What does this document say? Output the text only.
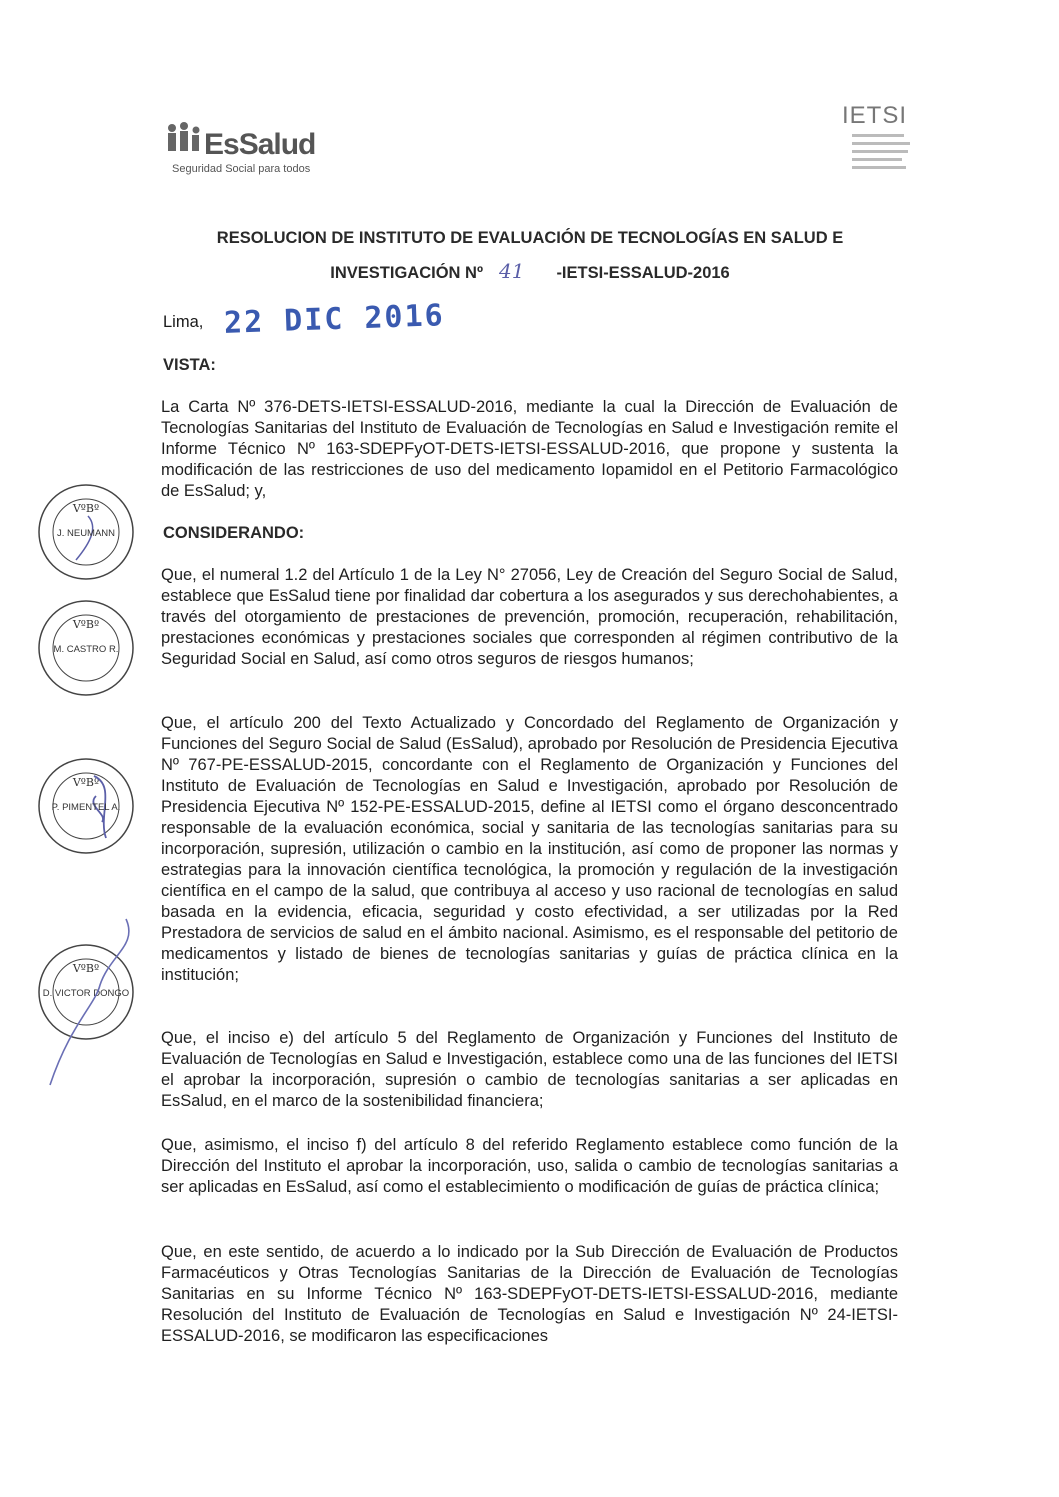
EsSalud
Seguridad Social para todos
IETSI
RESOLUCION DE INSTITUTO DE EVALUACIÓN DE TECNOLOGÍAS EN SALUD E
INVESTIGACIÓN Nº 41 -IETSI-ESSALUD-2016
Lima, 22 DIC 2016
VISTA:

La Carta Nº 376-DETS-IETSI-ESSALUD-2016, mediante la cual la Dirección de Evaluación de Tecnologías Sanitarias del Instituto de Evaluación de Tecnologías en Salud e Investigación remite el Informe Técnico Nº 163-SDEPFyOT-DETS-IETSI-ESSALUD-2016, que propone y sustenta la modificación de las restricciones de uso del medicamento Iopamidol en el Petitorio Farmacológico de EsSalud; y,

CONSIDERANDO:

Que, el numeral 1.2 del Artículo 1 de la Ley N° 27056, Ley de Creación del Seguro Social de Salud, establece que EsSalud tiene por finalidad dar cobertura a los asegurados y sus derechohabientes, a través del otorgamiento de prestaciones de prevención, promoción, recuperación, rehabilitación, prestaciones económicas y prestaciones sociales que corresponden al régimen contributivo de la Seguridad Social en Salud, así como otros seguros de riesgos humanos;

Que, el artículo 200 del Texto Actualizado y Concordado del Reglamento de Organización y Funciones del Seguro Social de Salud (EsSalud), aprobado por Resolución de Presidencia Ejecutiva Nº 767-PE-ESSALUD-2015, concordante con el Reglamento de Organización y Funciones del Instituto de Evaluación de Tecnologías en Salud e Investigación, aprobado por Resolución de Presidencia Ejecutiva Nº 152-PE-ESSALUD-2015, define al IETSI como el órgano desconcentrado responsable de la evaluación económica, social y sanitaria de las tecnologías sanitarias para su incorporación, supresión, utilización o cambio en la institución, así como de proponer las normas y estrategias para la innovación científica tecnológica, la promoción y regulación de la investigación científica en el campo de la salud, que contribuya al acceso y uso racional de tecnologías en salud basada en la evidencia, eficacia, seguridad y costo efectividad, a ser utilizadas por la Red Prestadora de servicios de salud en el ámbito nacional. Asimismo, es el responsable del petitorio de medicamentos y listado de bienes de tecnologías sanitarias y guías de práctica clínica en la institución;

Que, el inciso e) del artículo 5 del Reglamento de Organización y Funciones del Instituto de Evaluación de Tecnologías en Salud e Investigación, establece como una de las funciones del IETSI el aprobar la incorporación, supresión o cambio de tecnologías sanitarias a ser aplicadas en EsSalud, en el marco de la sostenibilidad financiera;

Que, asimismo, el inciso f) del artículo 8 del referido Reglamento establece como función de la Dirección del Instituto el aprobar la incorporación, uso, salida o cambio de tecnologías sanitarias a ser aplicadas en EsSalud, así como el establecimiento o modificación de guías de práctica clínica;

Que, en este sentido, de acuerdo a lo indicado por la Sub Dirección de Evaluación de Productos Farmacéuticos y Otras Tecnologías Sanitarias de la Dirección de Evaluación de Tecnologías Sanitarias en su Informe Técnico Nº 163-SDEPFyOT-DETS-IETSI-ESSALUD-2016, mediante Resolución del Instituto de Evaluación de Tecnologías en Salud e Investigación Nº 24-IETSI-ESSALUD-2016, se modificaron las especificaciones

VºBº
J. NEUMANN
VºBº
M. CASTRO R.
VºBº
P. PIMENTEL A.
VºBº
D. VICTOR DONGO
